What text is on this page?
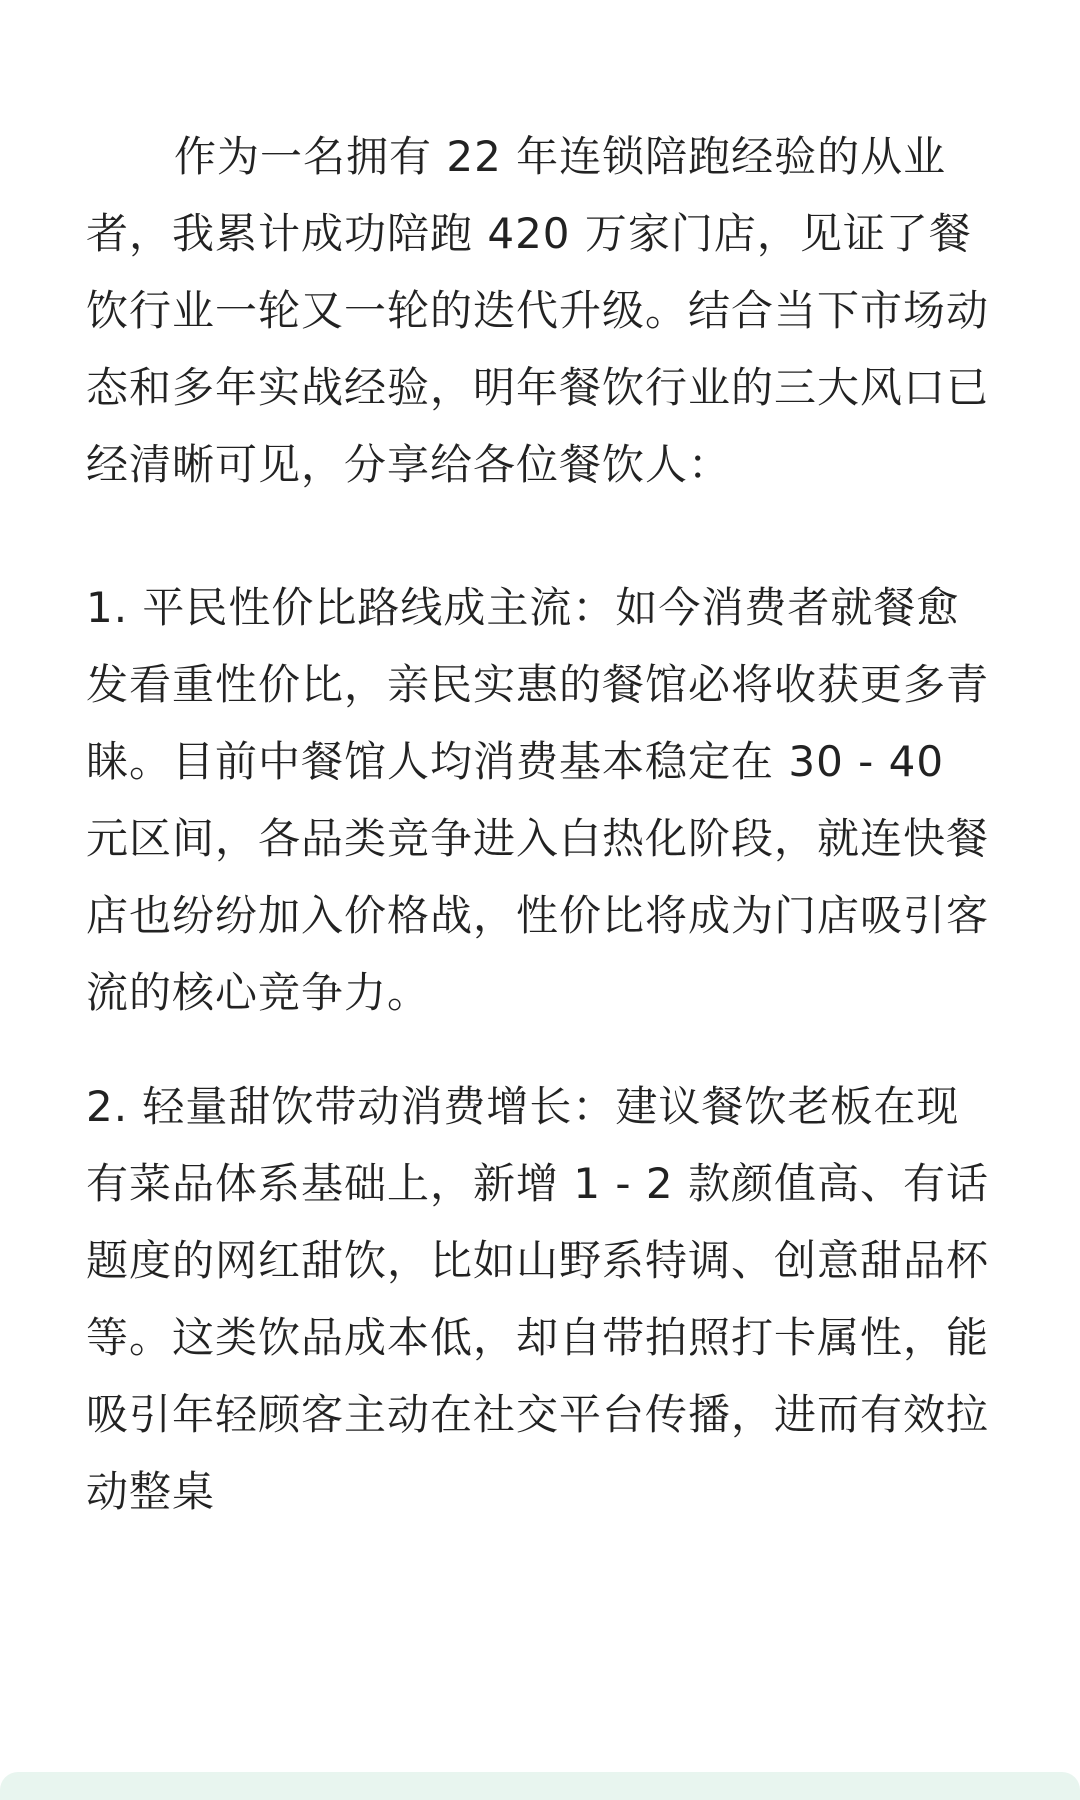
作为一名拥有 22 年连锁陪跑经验的从业者，我累计成功陪跑 420 万家门店，见证了餐饮行业一轮又一轮的迭代升级。结合当下市场动态和多年实战经验，明年餐饮行业的三大风口已经清晰可见，分享给各位餐饮人：

1. 平民性价比路线成主流：如今消费者就餐愈发看重性价比，亲民实惠的餐馆必将收获更多青睐。目前中餐馆人均消费基本稳定在 30 - 40 元区间，各品类竞争进入白热化阶段，就连快餐店也纷纷加入价格战，性价比将成为门店吸引客流的核心竞争力。

2. 轻量甜饮带动消费增长：建议餐饮老板在现有菜品体系基础上，新增 1 - 2 款颜值高、有话题度的网红甜饮，比如山野系特调、创意甜品杯等。这类饮品成本低，却自带拍照打卡属性，能吸引年轻顾客主动在社交平台传播，进而有效拉动整桌
